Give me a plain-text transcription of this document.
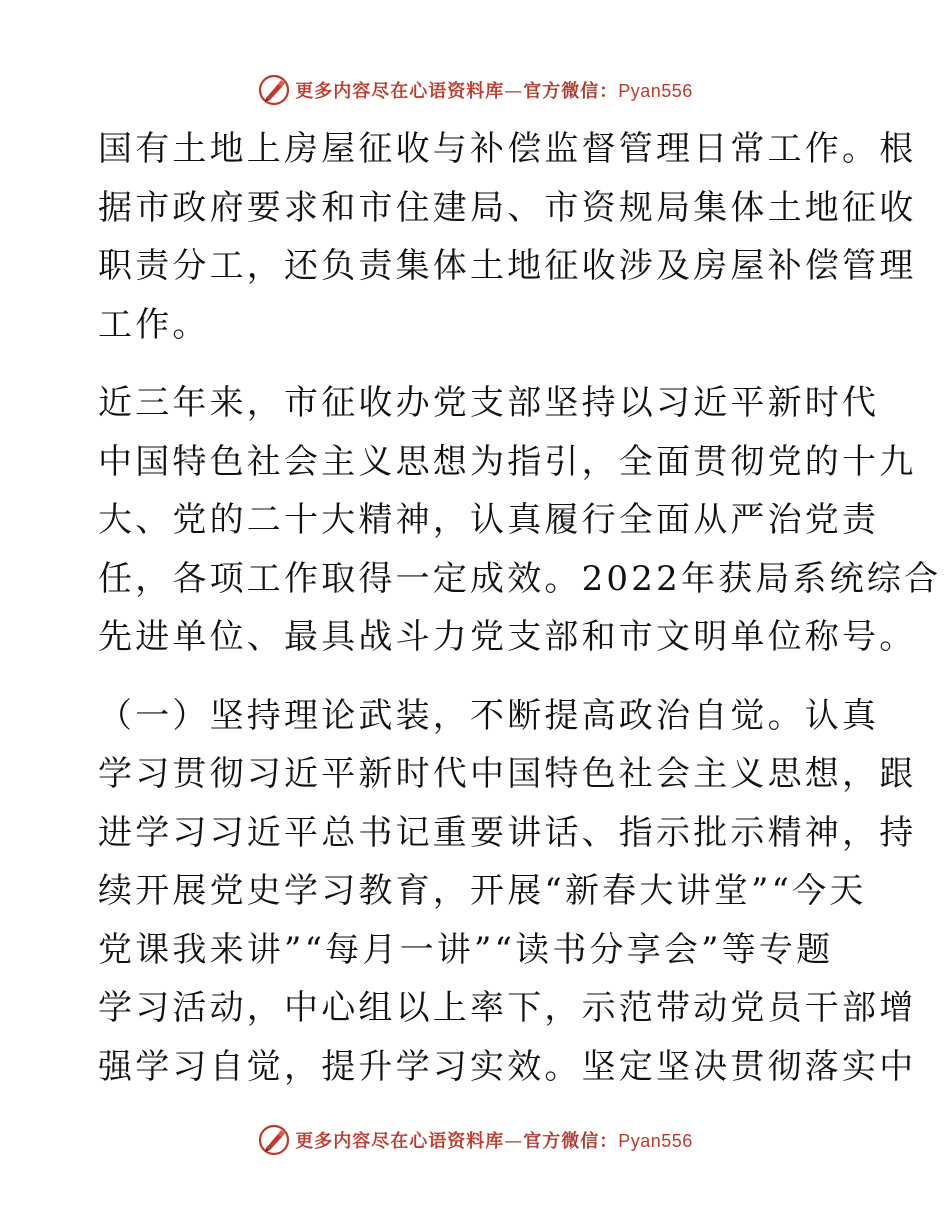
更多内容尽在心语资料库—官方微信：Pyan556

国有土地上房屋征收与补偿监督管理日常工作。根
据市政府要求和市住建局、市资规局集体土地征收
职责分工，还负责集体土地征收涉及房屋补偿管理
工作。

近三年来，市征收办党支部坚持以习近平新时代
中国特色社会主义思想为指引，全面贯彻党的十九
大、党的二十大精神，认真履行全面从严治党责
任，各项工作取得一定成效。2022年获局系统综合
先进单位、最具战斗力党支部和市文明单位称号。

（一）坚持理论武装，不断提高政治自觉。认真
学习贯彻习近平新时代中国特色社会主义思想，跟
进学习习近平总书记重要讲话、指示批示精神，持
续开展党史学习教育，开展“新春大讲堂”“今天
党课我来讲”“每月一讲”“读书分享会”等专题
学习活动，中心组以上率下，示范带动党员干部增
强学习自觉，提升学习实效。坚定坚决贯彻落实中

更多内容尽在心语资料库—官方微信：Pyan556
